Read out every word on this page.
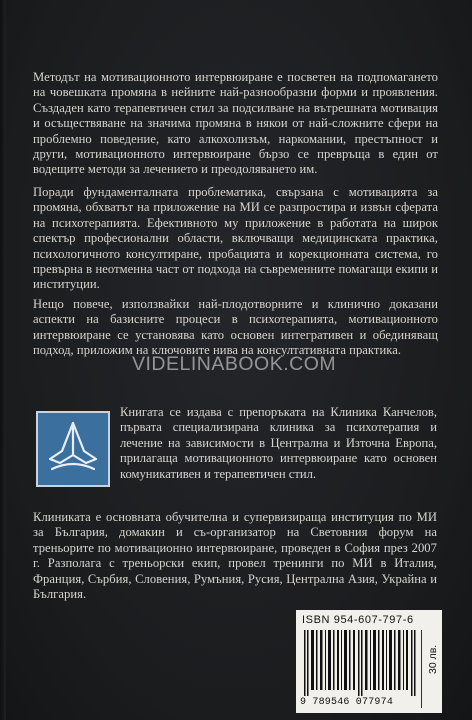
Методът на мотивационното интервюиране е посветен на подпомагането на човешката промяна в нейните най-разнообразни форми и проявления. Създаден като терапевтичен стил за подсилване на вътрешната мотивация и осъществяване на значима промяна в някои от най-сложните сфери на проблемно поведение, като алкохолизъм, наркомании, престъпност и други, мотивационното интервюиране бързо се превръща в един от водещите методи за лечението и преодоляването им.

Поради фундаменталната проблематика, свързана с мотивацията за промяна, обхватът на приложение на МИ се разпростира и извън сферата на психотерапията. Ефективното му приложение в работата на широк спектър професионални области, включващи медицинската практика, психологичното консултиране, пробацията и корекционната система, го превърна в неотменна част от подхода на съвременните помагащи екипи и институции.

Нещо повече, използвайки най-плодотворните и клинично доказани аспекти на базисните процеси в психотерапията, мотивационното интервюиране се установява като основен интегративен и обединяващ подход, приложим на ключовите нива на консултативната практика.

VIDELINABOOK.COM

Книгата се издава с препоръката на Клиника Канчелов, първата специализирана клиника за психотерапия и лечение на зависимости в Централна и Източна Европа, прилагаща мотивационното интервюиране като основен комуникативен и терапевтичен стил.

Клиниката е основната обучителна и супервизираща институция по МИ за България, домакин и съ-организатор на Световния форум на треньорите по мотивационно интервюиране, проведен в София през 2007 г. Разполага с треньорски екип, провел тренинги по МИ в Италия, Франция, Сърбия, Словения, Румъния, Русия, Централна Азия, Украйна и България.

ISBN 954-607-797-6
9 789546 077974
30 лв.
